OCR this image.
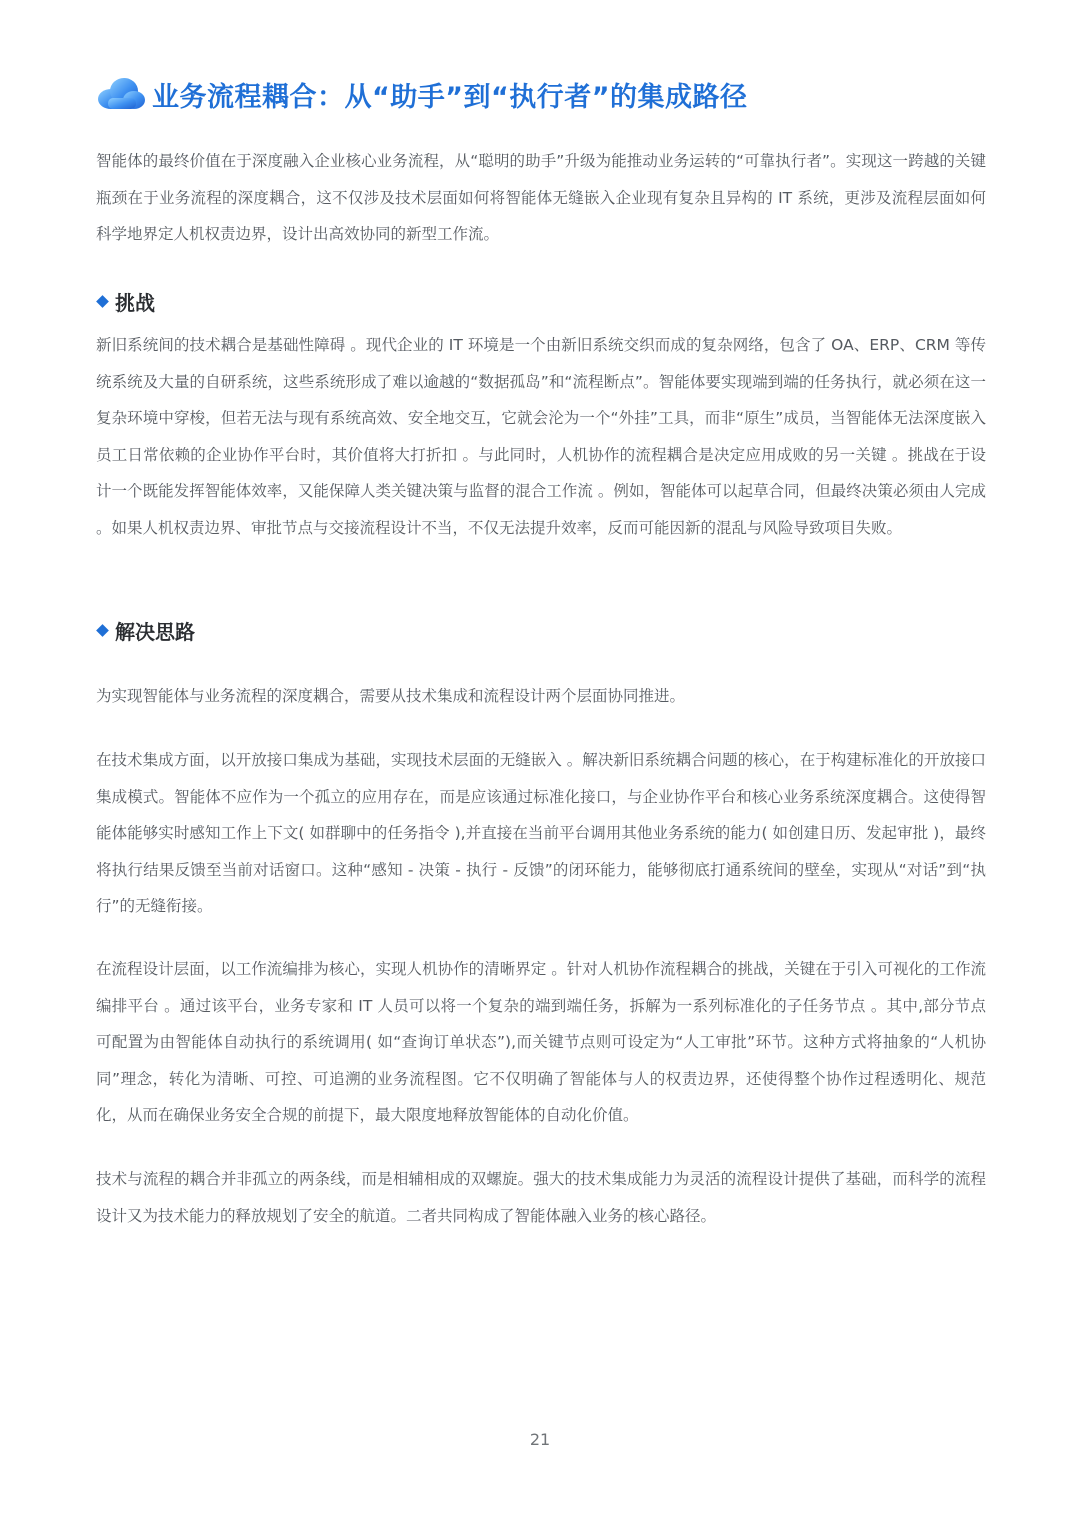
业务流程耦合：从“助手”到“执行者”的集成路径

智能体的最终价值在于深度融入企业核心业务流程，从“聪明的助手”升级为能推动业务运转的“可靠执行者”。实现这一跨越的关键瓶颈在于业务流程的深度耦合，这不仅涉及技术层面如何将智能体无缝嵌入企业现有复杂且异构的 IT 系统，更涉及流程层面如何科学地界定人机权责边界，设计出高效协同的新型工作流。

挑战

新旧系统间的技术耦合是基础性障碍 。现代企业的 IT 环境是一个由新旧系统交织而成的复杂网络，包含了 OA、ERP、CRM 等传统系统及大量的自研系统，这些系统形成了难以逾越的“数据孤岛”和“流程断点”。智能体要实现端到端的任务执行，就必须在这一复杂环境中穿梭，但若无法与现有系统高效、安全地交互，它就会沦为一个“外挂”工具，而非“原生”成员，当智能体无法深度嵌入员工日常依赖的企业协作平台时，其价值将大打折扣 。与此同时，人机协作的流程耦合是决定应用成败的另一关键 。挑战在于设计一个既能发挥智能体效率，又能保障人类关键决策与监督的混合工作流 。例如，智能体可以起草合同，但最终决策必须由人完成 。如果人机权责边界、审批节点与交接流程设计不当，不仅无法提升效率，反而可能因新的混乱与风险导致项目失败。

解决思路

为实现智能体与业务流程的深度耦合，需要从技术集成和流程设计两个层面协同推进。

在技术集成方面，以开放接口集成为基础，实现技术层面的无缝嵌入 。解决新旧系统耦合问题的核心，在于构建标准化的开放接口集成模式。智能体不应作为一个孤立的应用存在，而是应该通过标准化接口，与企业协作平台和核心业务系统深度耦合。这使得智能体能够实时感知工作上下文( 如群聊中的任务指令 ),并直接在当前平台调用其他业务系统的能力( 如创建日历、发起审批 )，最终将执行结果反馈至当前对话窗口。这种“感知 - 决策 - 执行 - 反馈”的闭环能力，能够彻底打通系统间的壁垒，实现从“对话”到“执行”的无缝衔接。

在流程设计层面，以工作流编排为核心，实现人机协作的清晰界定 。针对人机协作流程耦合的挑战，关键在于引入可视化的工作流编排平台 。通过该平台，业务专家和 IT 人员可以将一个复杂的端到端任务，拆解为一系列标准化的子任务节点 。其中,部分节点可配置为由智能体自动执行的系统调用( 如“查询订单状态”),而关键节点则可设定为“人工审批”环节。这种方式将抽象的“人机协同”理念，转化为清晰、可控、可追溯的业务流程图。它不仅明确了智能体与人的权责边界，还使得整个协作过程透明化、规范化，从而在确保业务安全合规的前提下，最大限度地释放智能体的自动化价值。

技术与流程的耦合并非孤立的两条线，而是相辅相成的双螺旋。强大的技术集成能力为灵活的流程设计提供了基础，而科学的流程设计又为技术能力的释放规划了安全的航道。二者共同构成了智能体融入业务的核心路径。

21
